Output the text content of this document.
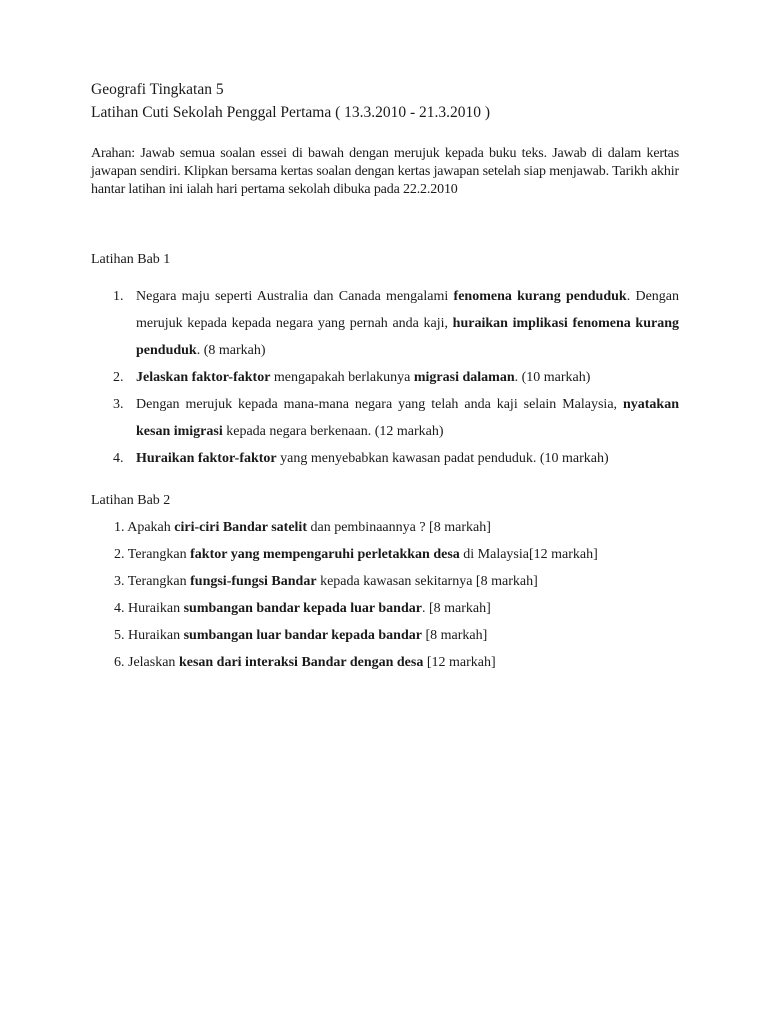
Geografi Tingkatan 5
Latihan Cuti Sekolah Penggal Pertama ( 13.3.2010 - 21.3.2010 )
Arahan: Jawab semua soalan essei di bawah dengan merujuk kepada buku teks. Jawab di dalam kertas jawapan sendiri. Klipkan bersama kertas soalan dengan kertas jawapan setelah siap menjawab. Tarikh akhir hantar latihan ini ialah hari pertama sekolah dibuka pada 22.2.2010
Latihan Bab 1
1. Negara maju seperti Australia dan Canada mengalami fenomena kurang penduduk. Dengan merujuk kepada kepada negara yang pernah anda kaji, huraikan implikasi fenomena kurang penduduk. (8 markah)
2. Jelaskan faktor-faktor mengapakah berlakunya migrasi dalaman. (10 markah)
3. Dengan merujuk kepada mana-mana negara yang telah anda kaji selain Malaysia, nyatakan kesan imigrasi kepada negara berkenaan. (12 markah)
4. Huraikan faktor-faktor yang menyebabkan kawasan padat penduduk. (10 markah)
Latihan Bab 2
1. Apakah ciri-ciri Bandar satelit dan pembinaannya ? [8 markah]
2. Terangkan faktor yang mempengaruhi perletakkan desa di Malaysia[12 markah]
3. Terangkan fungsi-fungsi Bandar kepada kawasan sekitarnya [8 markah]
4. Huraikan sumbangan bandar kepada luar bandar. [8 markah]
5. Huraikan sumbangan luar bandar kepada bandar [8 markah]
6. Jelaskan kesan dari interaksi Bandar dengan desa [12 markah]
